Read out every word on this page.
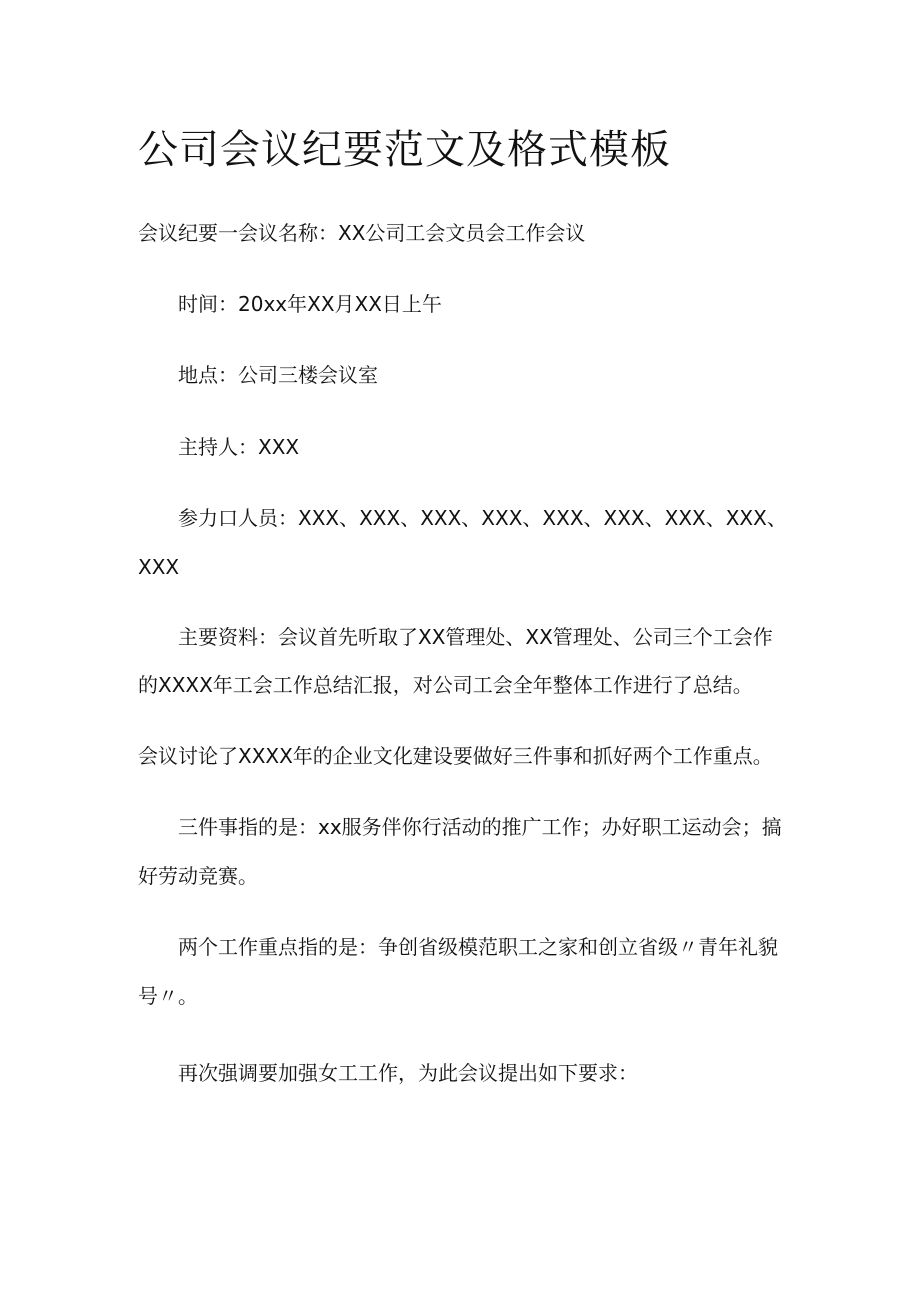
公司会议纪要范文及格式模板

会议纪要一会议名称：XX公司工会文员会工作会议

时间：20xx年XX月XX日上午

地点：公司三楼会议室

主持人：XXX

参力口人员：XXX、XXX、XXX、XXX、XXX、XXX、XXX、XXX、

XXX

主要资料：会议首先听取了XX管理处、XX管理处、公司三个工会作

的XXXX年工会工作总结汇报，对公司工会全年整体工作进行了总结。

会议讨论了XXXX年的企业文化建设要做好三件事和抓好两个工作重点。

三件事指的是：xx服务伴你行活动的推广工作；办好职工运动会；搞

好劳动竞赛。

两个工作重点指的是：争创省级模范职工之家和创立省级〃青年礼貌

号〃。

再次强调要加强女工工作，为此会议提出如下要求：
